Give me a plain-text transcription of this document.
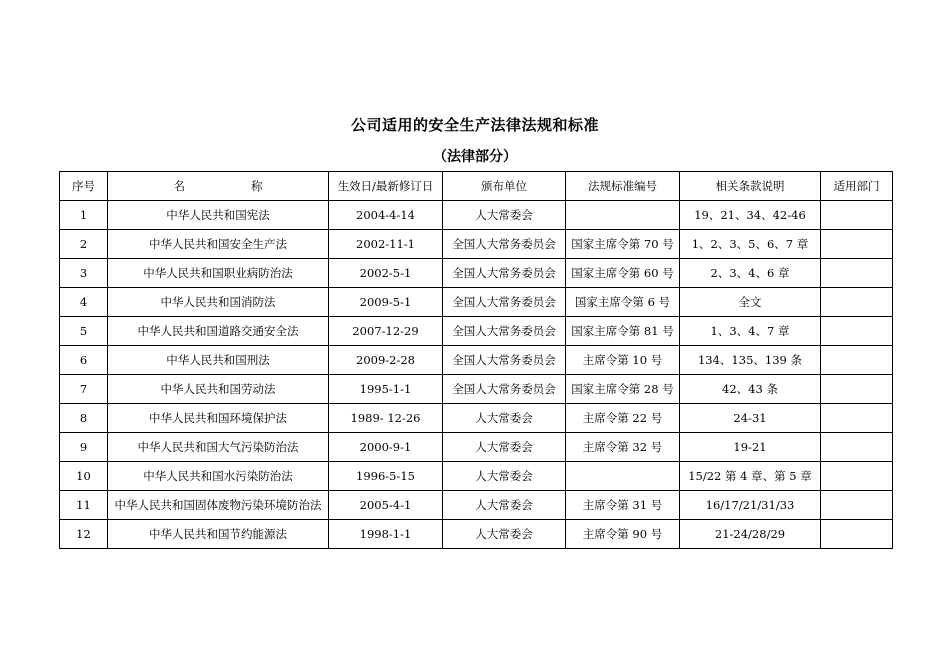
公司适用的安全生产法律法规和标准
（法律部分）
序号	名 称	生效日/最新修订日	颁布单位	法规标准编号	相关条款说明	适用部门
1	中华人民共和国宪法	2004-4-14	人大常委会		19、21、34、42-46	
2	中华人民共和国安全生产法	2002-11-1	全国人大常务委员会	国家主席令第 70 号	1、2、3、5、6、7 章	
3	中华人民共和国职业病防治法	2002-5-1	全国人大常务委员会	国家主席令第 60 号	2、3、4、6 章	
4	中华人民共和国消防法	2009-5-1	全国人大常务委员会	国家主席令第 6 号	全文	
5	中华人民共和国道路交通安全法	2007-12-29	全国人大常务委员会	国家主席令第 81 号	1、3、4、7 章	
6	中华人民共和国刑法	2009-2-28	全国人大常务委员会	主席令第 10 号	134、135、139 条	
7	中华人民共和国劳动法	1995-1-1	全国人大常务委员会	国家主席令第 28 号	42、43 条	
8	中华人民共和国环境保护法	1989- 12-26	人大常委会	主席令第 22 号	24-31	
9	中华人民共和国大气污染防治法	2000-9-1	人大常委会	主席令第 32 号	19-21	
10	中华人民共和国水污染防治法	1996-5-15	人大常委会		15/22 第 4 章、第 5 章	
11	中华人民共和国固体废物污染环境防治法	2005-4-1	人大常委会	主席令第 31 号	16/17/21/31/33	
12	中华人民共和国节约能源法	1998-1-1	人大常委会	主席令第 90 号	21-24/28/29	
